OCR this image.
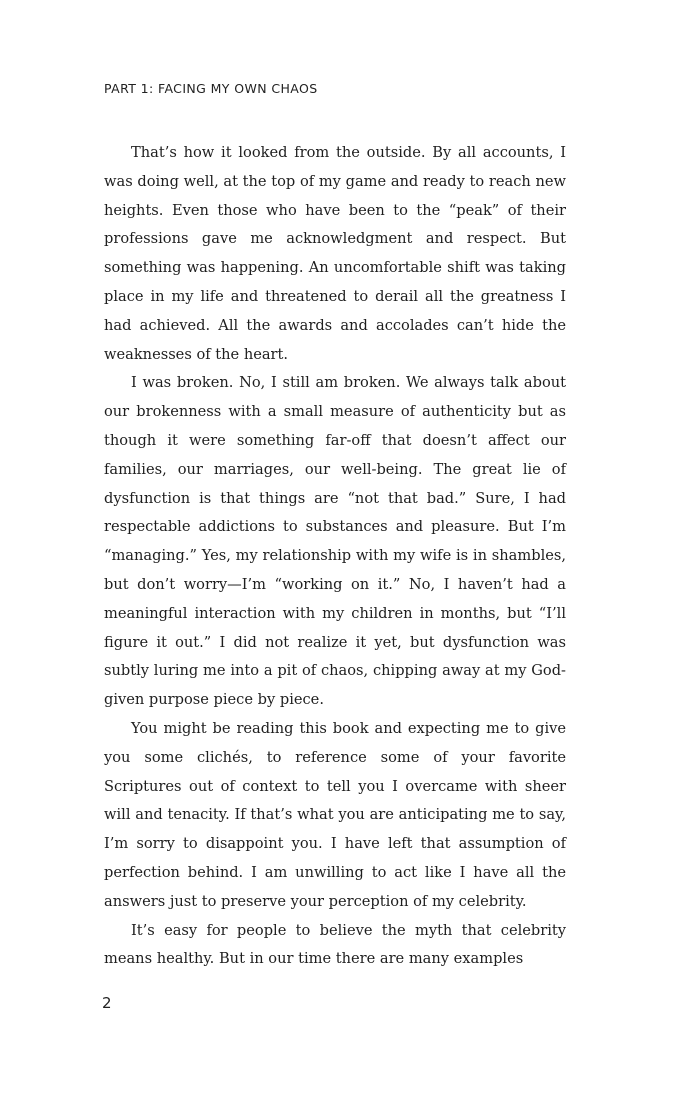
PART 1: FACING MY OWN CHAOS

That’s how it looked from the outside. By all accounts, I was doing well, at the top of my game and ready to reach new heights. Even those who have been to the “peak” of their professions gave me acknowledgment and respect. But something was happening. An uncomfortable shift was taking place in my life and threatened to derail all the greatness I had achieved. All the awards and accolades can’t hide the weaknesses of the heart.

I was broken. No, I still am broken. We always talk about our brokenness with a small measure of authenticity but as though it were something far-off that doesn’t affect our families, our marriages, our well-being. The great lie of dysfunction is that things are “not that bad.” Sure, I had respectable addictions to substances and pleasure. But I’m “managing.” Yes, my relationship with my wife is in shambles, but don’t worry—I’m “working on it.” No, I haven’t had a meaningful interaction with my children in months, but “I’ll figure it out.” I did not realize it yet, but dysfunction was subtly luring me into a pit of chaos, chipping away at my God-given purpose piece by piece.

You might be reading this book and expecting me to give you some clichés, to reference some of your favorite Scriptures out of context to tell you I overcame with sheer will and tenacity. If that’s what you are anticipating me to say, I’m sorry to disappoint you. I have left that assumption of perfection behind. I am unwilling to act like I have all the answers just to preserve your perception of my celebrity.

It’s easy for people to believe the myth that celebrity means healthy. But in our time there are many examples

2
